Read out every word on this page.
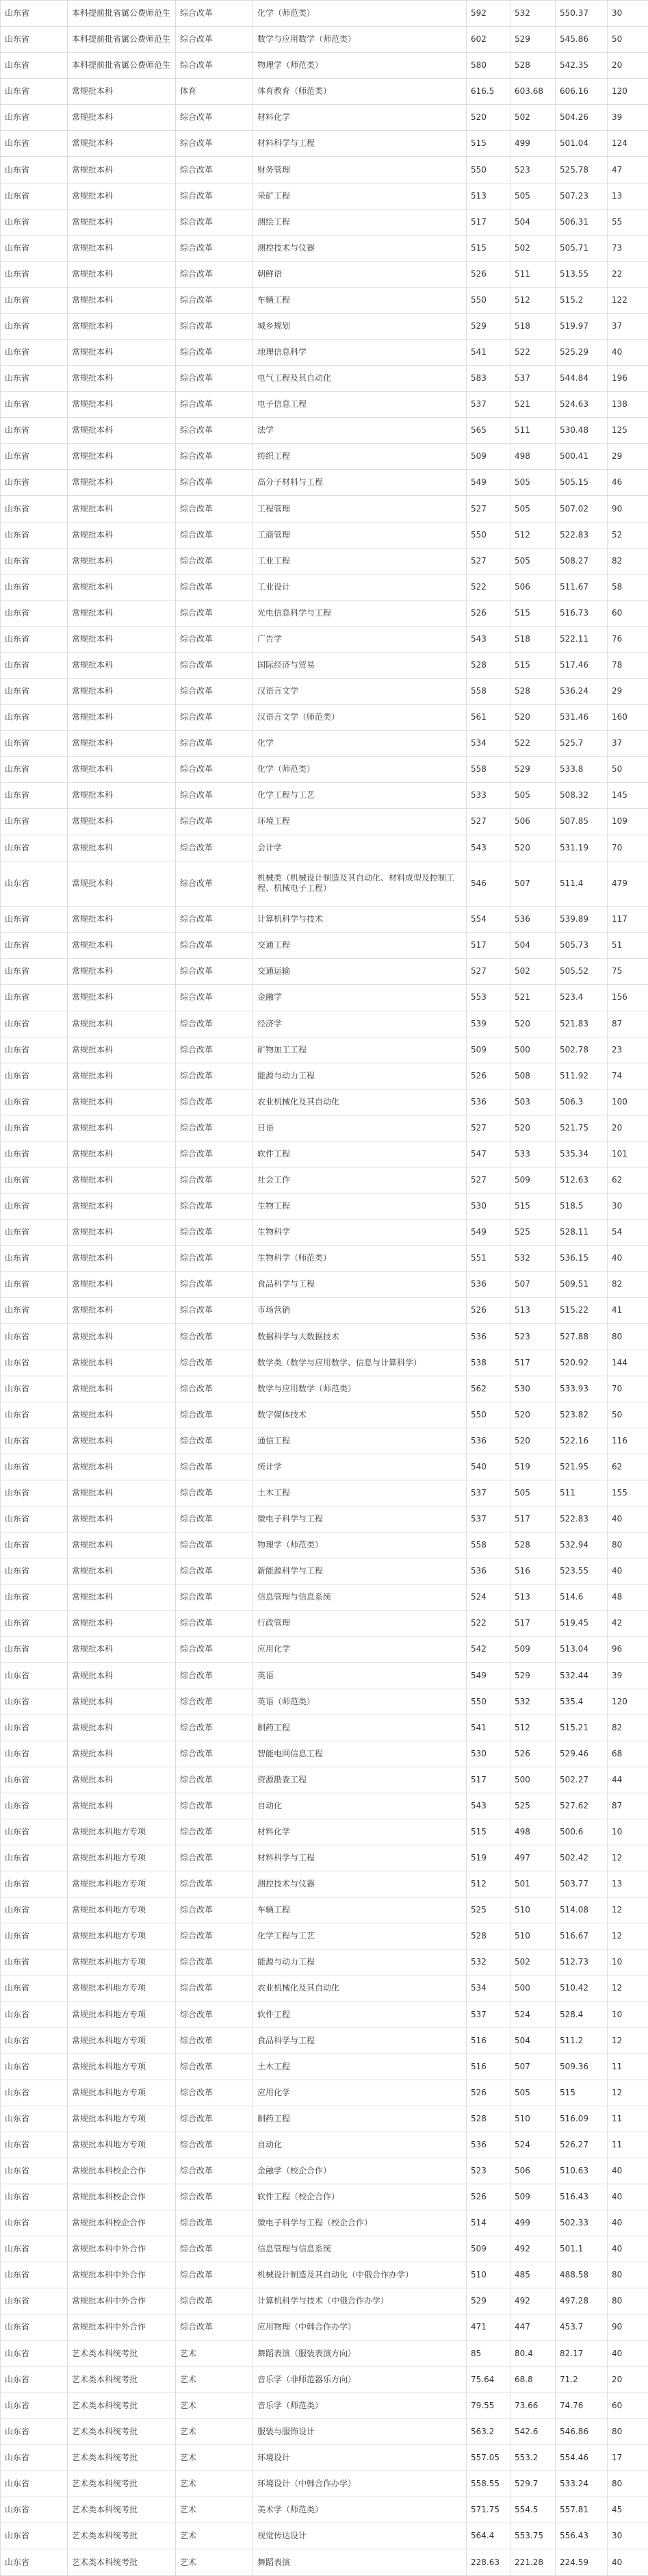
山东省	本科提前批省属公费师范生	综合改革	化学（师范类）	592	532	550.37	30
山东省	本科提前批省属公费师范生	综合改革	数学与应用数学（师范类）	602	529	545.86	50
山东省	本科提前批省属公费师范生	综合改革	物理学（师范类）	580	528	542.35	20
山东省	常规批本科	体育	体育教育（师范类）	616.5	603.68	606.16	120
山东省	常规批本科	综合改革	材料化学	520	502	504.26	39
山东省	常规批本科	综合改革	材料科学与工程	515	499	501.04	124
山东省	常规批本科	综合改革	财务管理	550	523	525.78	47
山东省	常规批本科	综合改革	采矿工程	513	505	507.23	13
山东省	常规批本科	综合改革	测绘工程	517	504	506.31	55
山东省	常规批本科	综合改革	测控技术与仪器	515	502	505.71	73
山东省	常规批本科	综合改革	朝鲜语	526	511	513.55	22
山东省	常规批本科	综合改革	车辆工程	550	512	515.2	122
山东省	常规批本科	综合改革	城乡规划	529	518	519.97	37
山东省	常规批本科	综合改革	地理信息科学	541	522	525.29	40
山东省	常规批本科	综合改革	电气工程及其自动化	583	537	544.84	196
山东省	常规批本科	综合改革	电子信息工程	537	521	524.63	138
山东省	常规批本科	综合改革	法学	565	511	530.48	125
山东省	常规批本科	综合改革	纺织工程	509	498	500.41	29
山东省	常规批本科	综合改革	高分子材料与工程	549	505	505.15	46
山东省	常规批本科	综合改革	工程管理	527	505	507.02	90
山东省	常规批本科	综合改革	工商管理	550	512	522.83	52
山东省	常规批本科	综合改革	工业工程	527	505	508.27	82
山东省	常规批本科	综合改革	工业设计	522	506	511.67	58
山东省	常规批本科	综合改革	光电信息科学与工程	526	515	516.73	60
山东省	常规批本科	综合改革	广告学	543	518	522.11	76
山东省	常规批本科	综合改革	国际经济与贸易	528	515	517.46	78
山东省	常规批本科	综合改革	汉语言文学	558	528	536.24	29
山东省	常规批本科	综合改革	汉语言文学（师范类）	561	520	531.46	160
山东省	常规批本科	综合改革	化学	534	522	525.7	37
山东省	常规批本科	综合改革	化学（师范类）	558	529	533.8	50
山东省	常规批本科	综合改革	化学工程与工艺	533	505	508.32	145
山东省	常规批本科	综合改革	环境工程	527	506	507.85	109
山东省	常规批本科	综合改革	会计学	543	520	531.19	70
山东省	常规批本科	综合改革	机械类（机械设计制造及其自动化、材料成型及控制工程、机械电子工程）	546	507	511.4	479
山东省	常规批本科	综合改革	计算机科学与技术	554	536	539.89	117
山东省	常规批本科	综合改革	交通工程	517	504	505.73	51
山东省	常规批本科	综合改革	交通运输	527	502	505.52	75
山东省	常规批本科	综合改革	金融学	553	521	523.4	156
山东省	常规批本科	综合改革	经济学	539	520	521.83	87
山东省	常规批本科	综合改革	矿物加工工程	509	500	502.78	23
山东省	常规批本科	综合改革	能源与动力工程	526	508	511.92	74
山东省	常规批本科	综合改革	农业机械化及其自动化	536	503	506.3	100
山东省	常规批本科	综合改革	日语	527	520	521.75	20
山东省	常规批本科	综合改革	软件工程	547	533	535.34	101
山东省	常规批本科	综合改革	社会工作	527	509	512.63	62
山东省	常规批本科	综合改革	生物工程	530	515	518.5	30
山东省	常规批本科	综合改革	生物科学	549	525	528.11	54
山东省	常规批本科	综合改革	生物科学（师范类）	551	532	536.15	40
山东省	常规批本科	综合改革	食品科学与工程	536	507	509.51	82
山东省	常规批本科	综合改革	市场营销	526	513	515.22	41
山东省	常规批本科	综合改革	数据科学与大数据技术	536	523	527.88	80
山东省	常规批本科	综合改革	数学类（数学与应用数学、信息与计算科学）	538	517	520.92	144
山东省	常规批本科	综合改革	数学与应用数学（师范类）	562	530	533.93	70
山东省	常规批本科	综合改革	数字媒体技术	550	520	523.82	50
山东省	常规批本科	综合改革	通信工程	536	520	522.16	116
山东省	常规批本科	综合改革	统计学	540	519	521.95	62
山东省	常规批本科	综合改革	土木工程	537	505	511	155
山东省	常规批本科	综合改革	微电子科学与工程	537	517	522.83	40
山东省	常规批本科	综合改革	物理学（师范类）	558	528	532.94	80
山东省	常规批本科	综合改革	新能源科学与工程	536	516	523.55	40
山东省	常规批本科	综合改革	信息管理与信息系统	524	513	514.6	48
山东省	常规批本科	综合改革	行政管理	522	517	519.45	42
山东省	常规批本科	综合改革	应用化学	542	509	513.04	96
山东省	常规批本科	综合改革	英语	549	529	532.44	39
山东省	常规批本科	综合改革	英语（师范类）	550	532	535.4	120
山东省	常规批本科	综合改革	制药工程	541	512	515.21	82
山东省	常规批本科	综合改革	智能电网信息工程	530	526	529.46	68
山东省	常规批本科	综合改革	资源勘查工程	517	500	502.27	44
山东省	常规批本科	综合改革	自动化	543	525	527.62	87
山东省	常规批本科地方专项	综合改革	材料化学	515	498	500.6	10
山东省	常规批本科地方专项	综合改革	材料科学与工程	519	497	502.42	12
山东省	常规批本科地方专项	综合改革	测控技术与仪器	512	501	503.77	13
山东省	常规批本科地方专项	综合改革	车辆工程	525	510	514.08	12
山东省	常规批本科地方专项	综合改革	化学工程与工艺	528	510	516.67	12
山东省	常规批本科地方专项	综合改革	能源与动力工程	532	502	512.73	10
山东省	常规批本科地方专项	综合改革	农业机械化及其自动化	534	500	510.42	12
山东省	常规批本科地方专项	综合改革	软件工程	537	524	528.4	10
山东省	常规批本科地方专项	综合改革	食品科学与工程	516	504	511.2	12
山东省	常规批本科地方专项	综合改革	土木工程	516	507	509.36	11
山东省	常规批本科地方专项	综合改革	应用化学	526	505	515	12
山东省	常规批本科地方专项	综合改革	制药工程	528	510	516.09	11
山东省	常规批本科地方专项	综合改革	自动化	536	524	526.27	11
山东省	常规批本科校企合作	综合改革	金融学（校企合作）	523	506	510.63	40
山东省	常规批本科校企合作	综合改革	软件工程（校企合作）	526	509	516.43	40
山东省	常规批本科校企合作	综合改革	微电子科学与工程（校企合作）	514	499	502.33	40
山东省	常规批本科中外合作	综合改革	信息管理与信息系统	509	492	501.1	40
山东省	常规批本科中外合作	综合改革	机械设计制造及其自动化（中俄合作办学）	510	485	488.58	80
山东省	常规批本科中外合作	综合改革	计算机科学与技术（中俄合作办学）	529	492	497.28	80
山东省	常规批本科中外合作	综合改革	应用物理（中韩合作办学）	471	447	453.7	90
山东省	艺术类本科统考批	艺术	舞蹈表演（服装表演方向）	85	80.4	82.17	40
山东省	艺术类本科统考批	艺术	音乐学（非师范器乐方向）	75.64	68.8	71.2	20
山东省	艺术类本科统考批	艺术	音乐学（师范类）	79.55	73.66	74.76	60
山东省	艺术类本科统考批	艺术	服装与服饰设计	563.2	542.6	546.86	80
山东省	艺术类本科统考批	艺术	环境设计	557.05	553.2	554.46	17
山东省	艺术类本科统考批	艺术	环境设计（中韩合作办学）	558.55	529.7	533.24	80
山东省	艺术类本科统考批	艺术	美术学（师范类）	571.75	554.5	557.81	45
山东省	艺术类本科统考批	艺术	视觉传达设计	564.4	553.75	556.43	30
山东省	艺术类本科统考批	艺术	舞蹈表演	228.63	221.28	224.59	40
